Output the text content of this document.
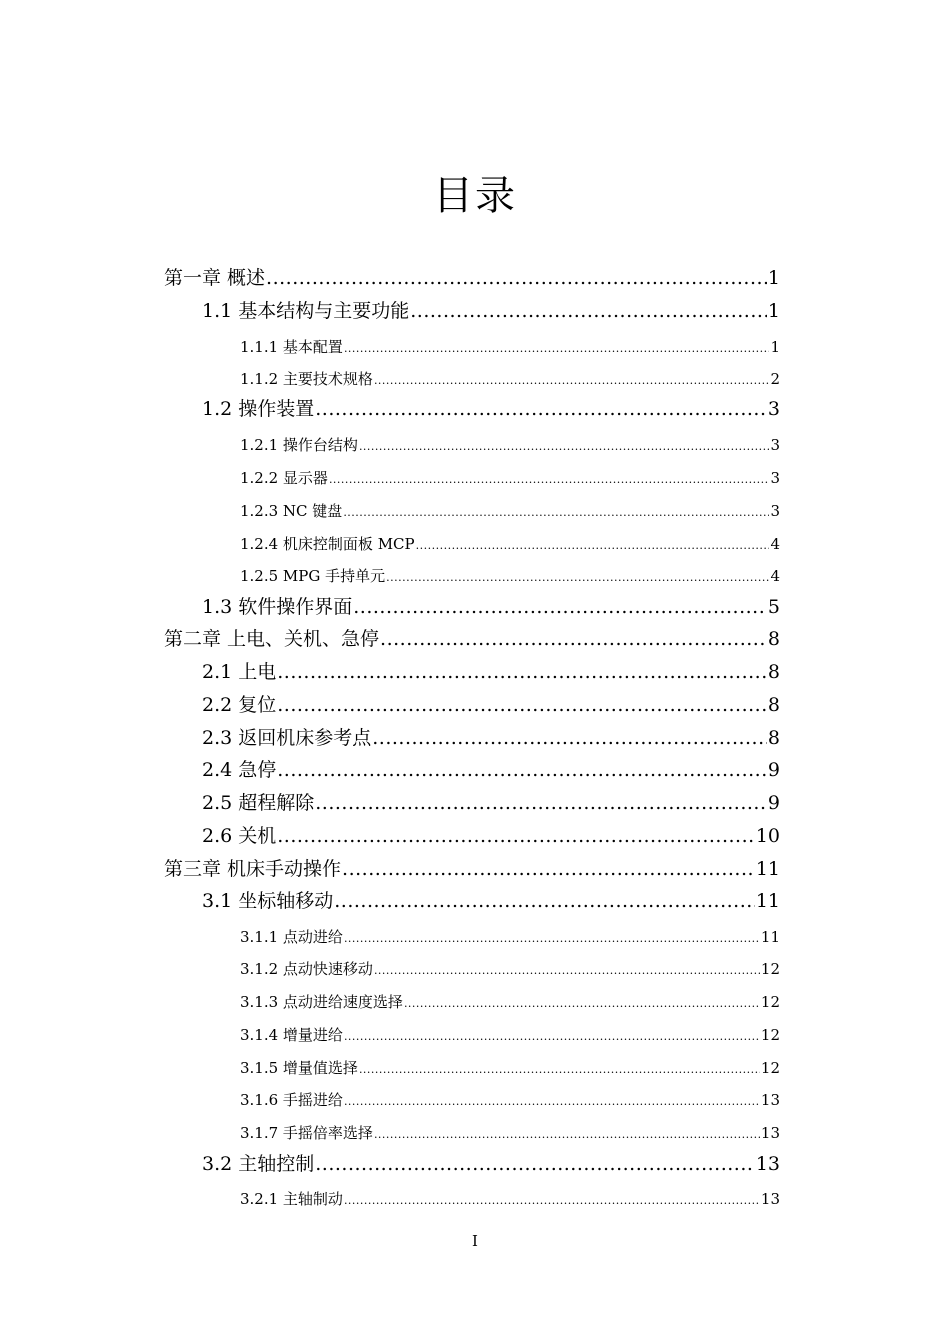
目录
第一章 概述 .....	1
1.1 基本结构与主要功能 .....	1
1.1.1 基本配置 .....	1
1.1.2 主要技术规格 .....	2
1.2 操作装置 .....	3
1.2.1 操作台结构 .....	3
1.2.2 显示器 .....	3
1.2.3 NC 键盘 .....	3
1.2.4 机床控制面板 MCP .....	4
1.2.5 MPG 手持单元 .....	4
1.3 软件操作界面 .....	5
第二章 上电、关机、急停 .....	8
2.1 上电 .....	8
2.2 复位 .....	8
2.3 返回机床参考点 .....	8
2.4 急停 .....	9
2.5 超程解除 .....	9
2.6 关机 .....	10
第三章 机床手动操作 .....	11
3.1 坐标轴移动 .....	11
3.1.1 点动进给 .....	11
3.1.2 点动快速移动 .....	12
3.1.3 点动进给速度选择 .....	12
3.1.4 增量进给 .....	12
3.1.5 增量值选择 .....	12
3.1.6 手摇进给 .....	13
3.1.7 手摇倍率选择 .....	13
3.2 主轴控制 .....	13
3.2.1 主轴制动 .....	13
I
